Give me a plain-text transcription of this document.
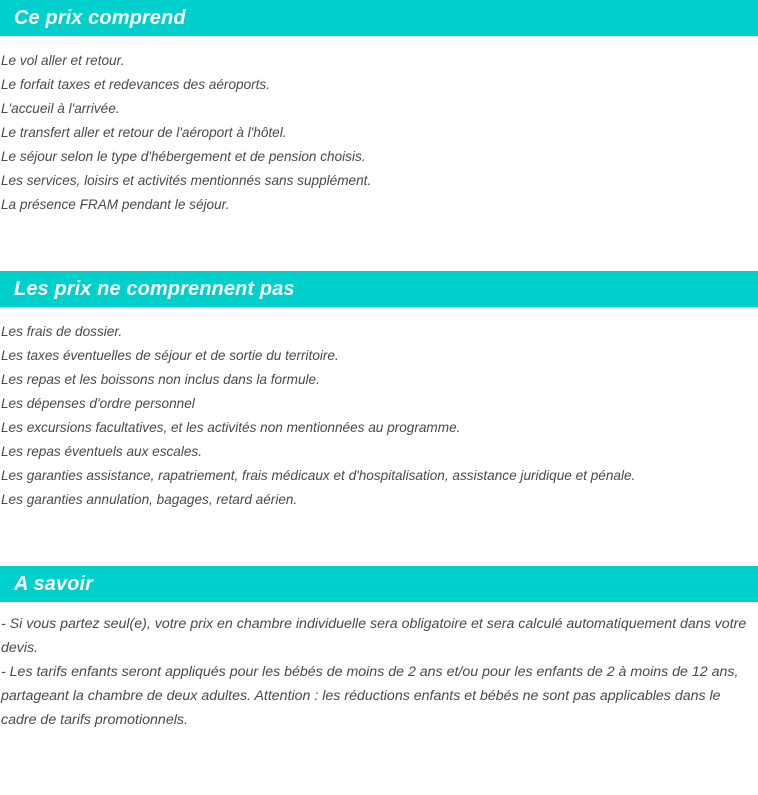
Ce prix comprend
Le vol aller et retour.
Le forfait taxes et redevances des aéroports.
L'accueil à l'arrivée.
Le transfert aller et retour de l'aéroport à l'hôtel.
Le séjour selon le type d'hébergement et de pension choisis.
Les services, loisirs et activités mentionnés sans supplément.
La présence FRAM pendant le séjour.
Les prix ne comprennent pas
Les frais de dossier.
Les taxes éventuelles de séjour et de sortie du territoire.
Les repas et les boissons non inclus dans la formule.
Les dépenses d'ordre personnel
Les excursions facultatives, et les activités non mentionnées au programme.
Les repas éventuels aux escales.
Les garanties assistance, rapatriement, frais médicaux et d'hospitalisation, assistance juridique et pénale.
Les garanties annulation, bagages, retard aérien.
A savoir

- Si vous partez seul(e), votre prix en chambre individuelle sera obligatoire et sera calculé automatiquement dans votre devis.

- Les tarifs enfants seront appliqués pour les bébés de moins de 2 ans et/ou pour les enfants de 2 à moins de 12 ans, partageant la chambre de deux adultes. Attention : les réductions enfants et bébés ne sont pas applicables dans le cadre de tarifs promotionnels.
